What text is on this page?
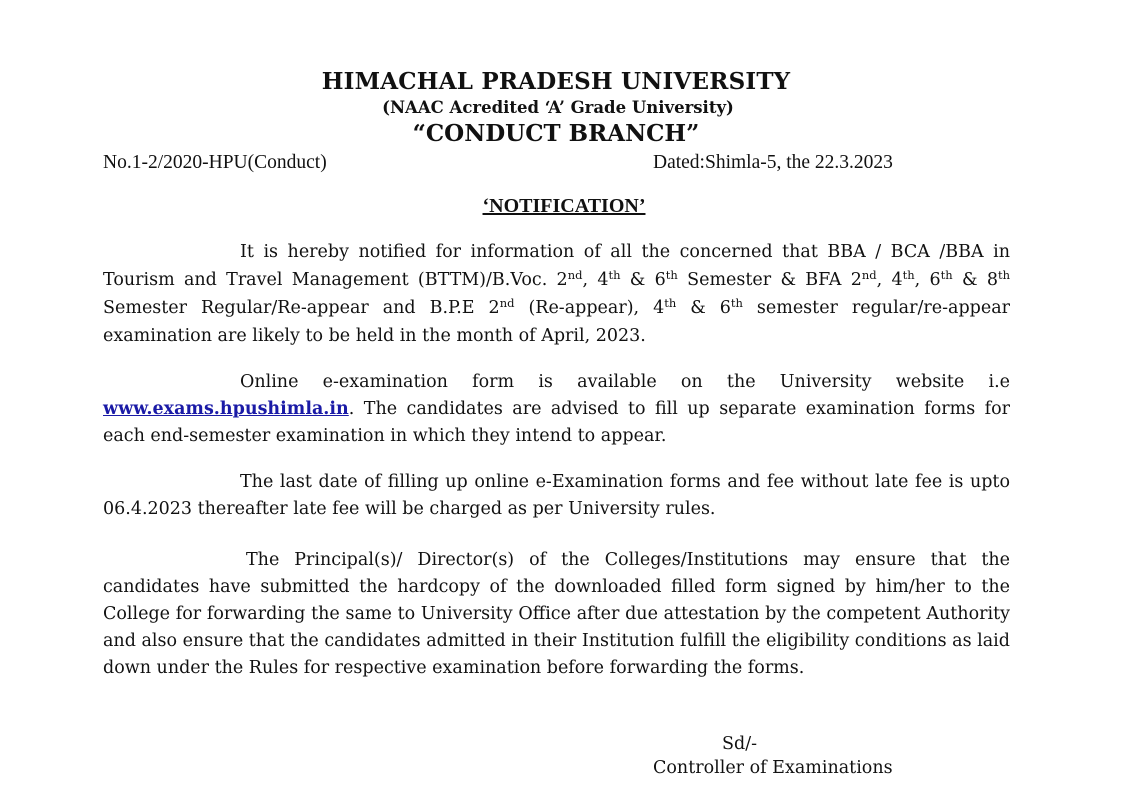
HIMACHAL PRADESH UNIVERSITY
(NAAC Acredited ‘A’ Grade University)
“CONDUCT BRANCH”
No.1-2/2020-HPU(Conduct)	Dated:Shimla-5, the 22.3.2023
‘NOTIFICATION’
It is hereby notified for information of all the concerned that BBA / BCA /BBA in Tourism and Travel Management (BTTM)/B.Voc. 2nd, 4th & 6th Semester & BFA 2nd, 4th, 6th & 8th Semester Regular/Re-appear and B.P.E 2nd (Re-appear), 4th & 6th semester regular/re-appear examination are likely to be held in the month of April, 2023.
Online e-examination form is available on the University website i.e www.exams.hpushimla.in. The candidates are advised to fill up separate examination forms for each end-semester examination in which they intend to appear.
The last date of filling up online e-Examination forms and fee without late fee is upto 06.4.2023 thereafter late fee will be charged as per University rules.
The Principal(s)/ Director(s) of the Colleges/Institutions may ensure that the candidates have submitted the hardcopy of the downloaded filled form signed by him/her to the College for forwarding the same to University Office after due attestation by the competent Authority and also ensure that the candidates admitted in their Institution fulfill the eligibility conditions as laid down under the Rules for respective examination before forwarding the forms.
Sd/-
Controller of Examinations
